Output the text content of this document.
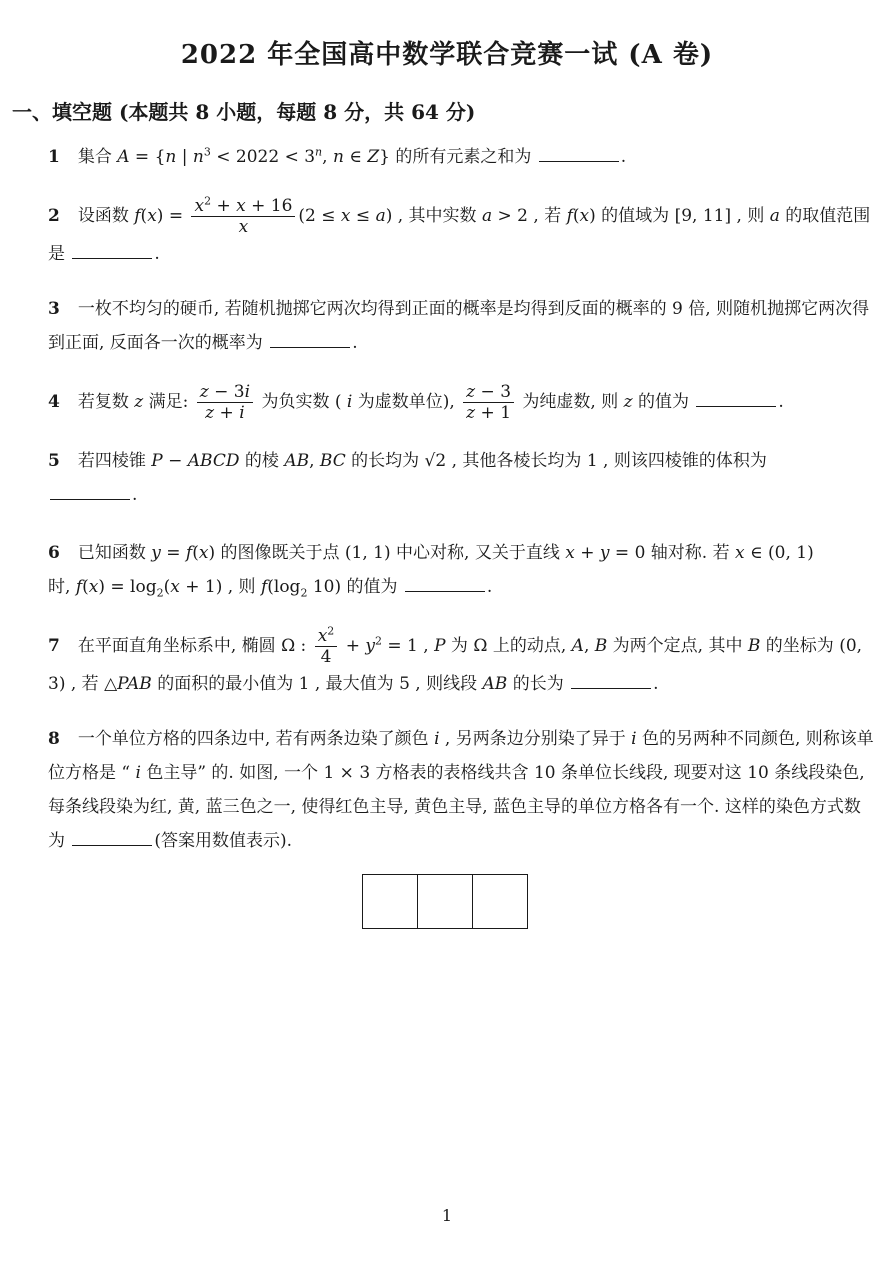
2022 年全国高中数学联合竞赛一试 (A 卷)
一、填空题 (本题共 8 小题，每题 8 分，共 64 分)
1 集合 A = {n | $n^3 < 2022 < 3^n$, n ∈ Z} 的所有元素之和为	.
2 设函数 $f(x) = \frac{x^2 + x + 16}{x} (2 \le x \le a)$ , 其中实数 a > 2 , 若 f(x) 的值域为 [9, 11] , 则 a 的取值范围是	.
3 一枚不均匀的硬币, 若随机抛掷它两次均得到正面的概率是均得到反面的概率的 9 倍, 则随机抛掷它两次得到正面, 反面各一次的概率为	.
4 若复数 z 满足: $\frac{z - 3i}{z + i}$ 为负实数 ( i 为虚数单位), $\frac{z - 3}{z + 1}$ 为纯虚数, 则 z 的值为	.
5 若四棱锥 P − ABCD 的棱 AB, BC 的长均为 √2 , 其他各棱长均为 1 , 则该四棱锥的体积为
.
6 已知函数 y = f(x) 的图像既关于点 (1, 1) 中心对称, 又关于直线 x + y = 0 轴对称. 若 x ∈ (0, 1)
时, $f(x) = \log_2(x + 1)$ , 则 $f(\log_2$ 10) 的值为	.
7 在平面直角坐标系中, 椭圆 Ω : $\frac{x^2}{4} + y^2 = 1$ , P 为 Ω 上的动点, A, B 为两个定点, 其中 B 的坐标为 (0, 3) , 若 △PAB 的面积的最小值为 1 , 最大值为 5 , 则线段 AB 的长为	.
8 一个单位方格的四条边中, 若有两条边染了颜色 i , 另两条边分别染了异于 i 色的另两种不同颜色, 则称该单位方格是 “ i 色主导” 的. 如图, 一个 1 × 3 方格表的表格线共含 10 条单位长线段, 现要对这 10 条线段染色, 每条线段染为红, 黄, 蓝三色之一, 使得红色主导, 黄色主导, 蓝色主导的单位方格各有一个. 这样的染色方式数为	(答案用数值表示).
1
